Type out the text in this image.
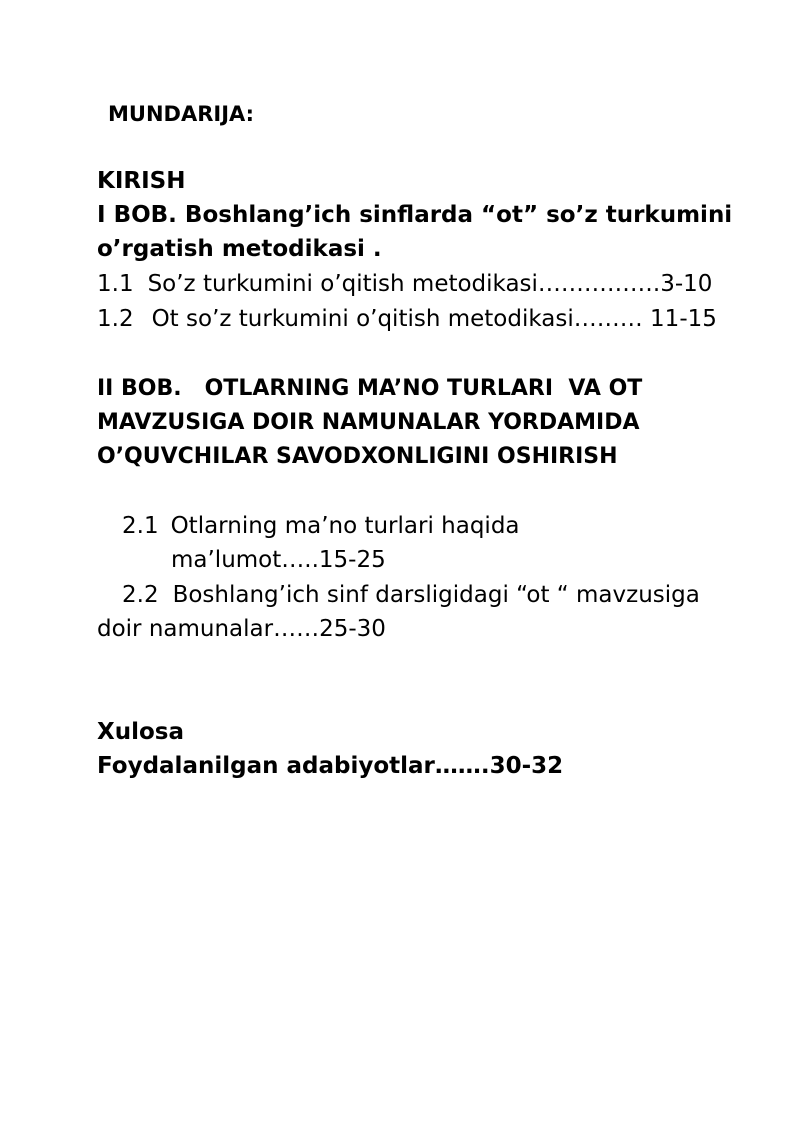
MUNDARIJA:
KIRISH
I BOB. Boshlang’ich sinflarda “ot” so’z turkumini
o’rgatish metodikasi .
1.1 So’z turkumini o’qitish metodikasi…………….3-10
1.2 Ot so’z turkumini o’qitish metodikasi……… 11-15
II BOB.   OTLARNING MA’NO TURLARI  VA OT
MAVZUSIGA DOIR NAMUNALAR YORDAMIDA
O’QUVCHILAR SAVODXONLIGINI OSHIRISH
2.1 Otlarning ma’no turlari haqida
ma’lumot…..15-25
2.2 Boshlang’ich sinf darsligidagi “ot “ mavzusiga
doir namunalar……25-30
Xulosa
Foydalanilgan adabiyotlar…….30-32
